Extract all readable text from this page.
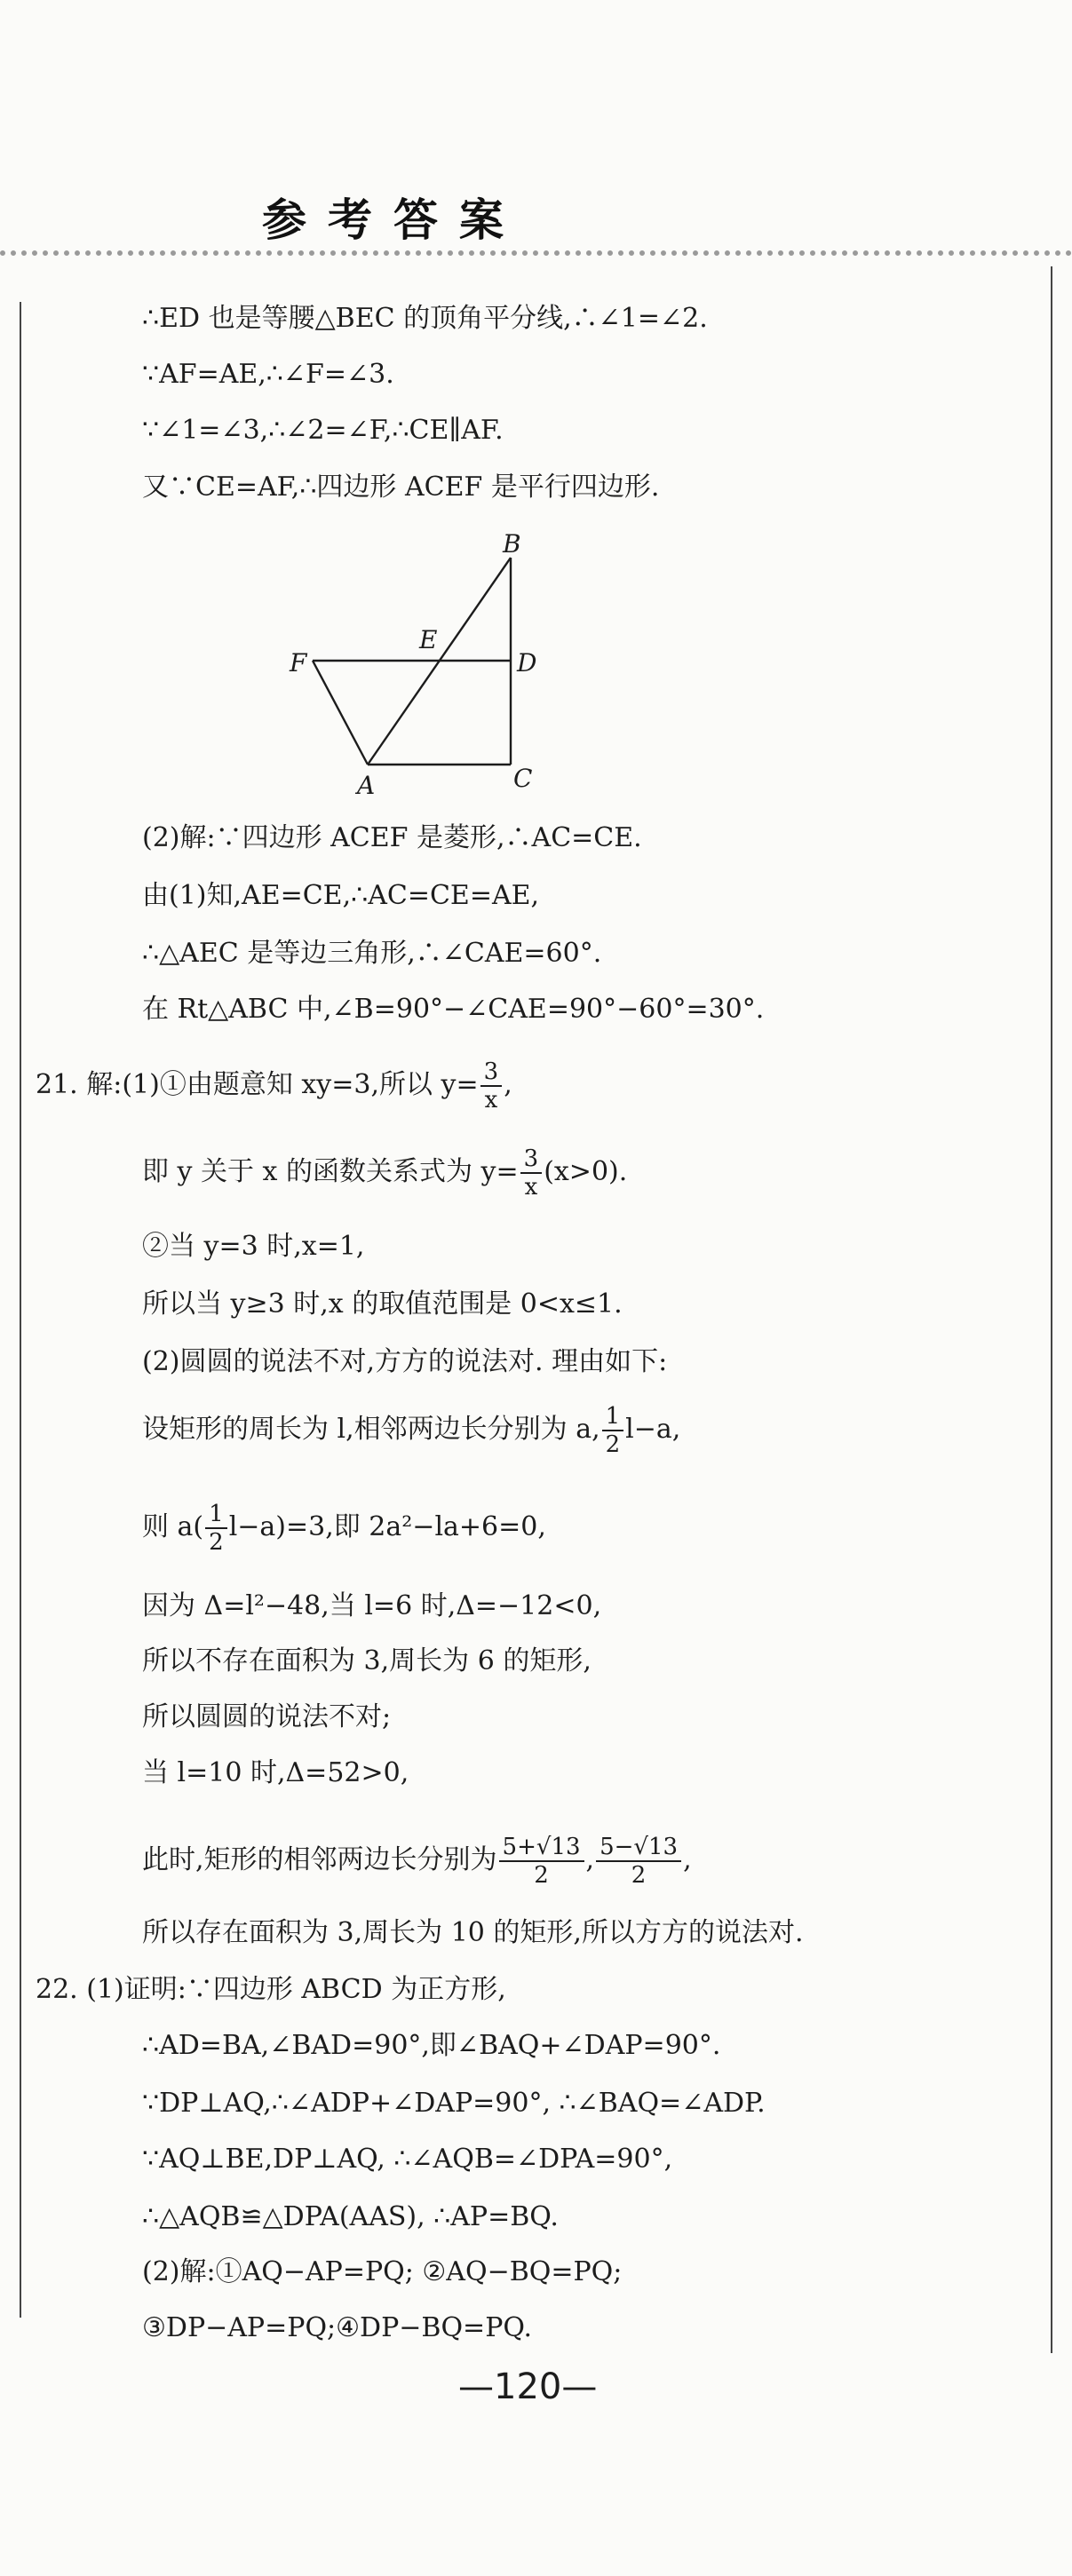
参考答案
∴ED 也是等腰△BEC 的顶角平分线,∴∠1=∠2.
∵AF=AE,∴∠F=∠3.
∵∠1=∠3,∴∠2=∠F,∴CE∥AF.
又∵CE=AF,∴四边形 ACEF 是平行四边形.
B
E
F	D
A	C
(2)解:∵四边形 ACEF 是菱形,∴AC=CE.
由(1)知,AE=CE,∴AC=CE=AE,
∴△AEC 是等边三角形,∴∠CAE=60°.
在 Rt△ABC 中,∠B=90°−∠CAE=90°−60°=30°.
21. 解:(1)①由题意知 xy=3,所以 $y= \frac{3}{x}$ ,
即 y 关于 x 的函数关系式为 $y= \frac{3}{x} (x>0)$.
②当 y=3 时,x=1,
所以当 y≥3 时,x 的取值范围是 0<x≤1.
(2)圆圆的说法不对,方方的说法对. 理由如下:
设矩形的周长为 l,相邻两边长分别为 a, $\frac{1}{2} l-a$,
则 $a( \frac{1}{2} l-a)=3$,即 2a²−la+6=0,
因为 Δ=l²−48,当 l=6 时,Δ=−12<0,
所以不存在面积为 3,周长为 6 的矩形,
所以圆圆的说法不对;
当 l=10 时,Δ=52>0,
此时,矩形的相邻两边长分别为 $\frac{5+√13}{2}$ , $\frac{5-√13}{2}$ ,
所以存在面积为 3,周长为 10 的矩形,所以方方的说法对.
22. (1)证明:∵四边形 ABCD 为正方形,
∴AD=BA,∠BAD=90°,即∠BAQ+∠DAP=90°.
∵DP⊥AQ,∴∠ADP+∠DAP=90°, ∴∠BAQ=∠ADP.
∵AQ⊥BE,DP⊥AQ, ∴∠AQB=∠DPA=90°,
∴△AQB≌△DPA(AAS), ∴AP=BQ.
(2)解:①AQ−AP=PQ; ②AQ−BQ=PQ;
③DP−AP=PQ;④DP−BQ=PQ.
—120—
